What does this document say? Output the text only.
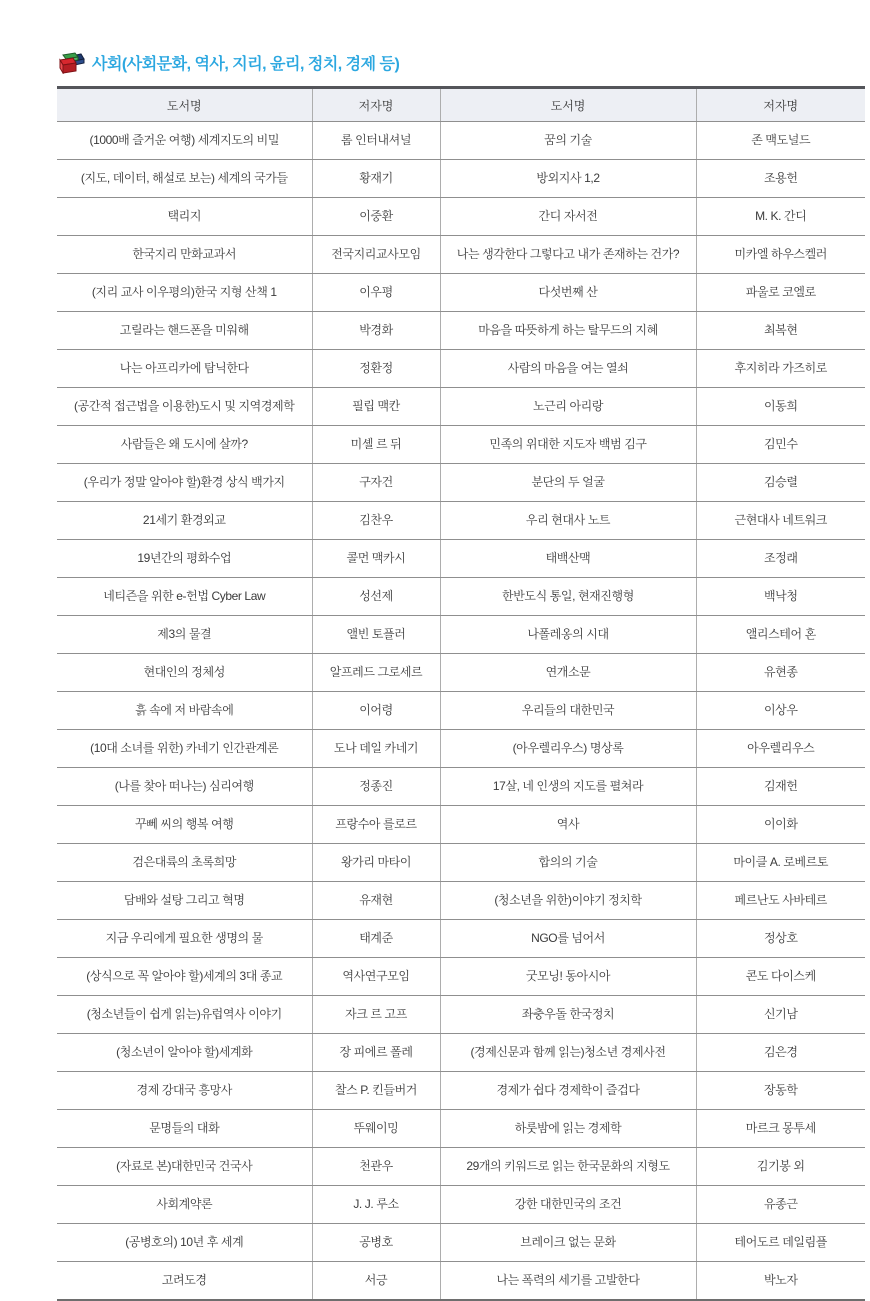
사회(사회문화, 역사, 지리, 윤리, 정치, 경제 등)
도서명	저자명	도서명	저자명
(1000배 즐거운 여행) 세계지도의 비밀	롬 인터내셔널	꿈의 기술	존 맥도널드
(지도, 데이터, 해설로 보는) 세계의 국가들	황재기	방외지사 1,2	조용헌
택리지	이중환	간디 자서전	M. K. 간디
한국지리 만화교과서	전국지리교사모임	나는 생각한다 그렇다고 내가 존재하는 건가?	미카엘 하우스켈러
(지리 교사 이우평의)한국 지형 산책 1	이우평	다섯번째 산	파울로 코엘로
고릴라는 핸드폰을 미워해	박경화	마음을 따뜻하게 하는 탈무드의 지혜	최복현
나는 아프리카에 탐닉한다	정환정	사람의 마음을 여는 열쇠	후지히라 가즈히로
(공간적 접근법을 이용한)도시 및 지역경제학	필립 맥칸	노근리 아리랑	이동희
사람들은 왜 도시에 살까?	미셸 르 뒤	민족의 위대한 지도자 백범 김구	김민수
(우리가 정말 알아야 할)환경 상식 백가지	구자건	분단의 두 얼굴	김승렬
21세기 환경외교	김찬우	우리 현대사 노트	근현대사 네트워크
19년간의 평화수업	콜먼 맥카시	태백산맥	조정래
네티즌을 위한 e-헌법 Cyber Law	성선제	한반도식 통일, 현재진행형	백낙청
제3의 물결	앨빈 토플러	나폴레옹의 시대	앨리스테어 혼
현대인의 정체성	알프레드 그로세르	연개소문	유현종
흙 속에 저 바람속에	이어령	우리들의 대한민국	이상우
(10대 소녀를 위한) 카네기 인간관계론	도나 데일 카네기	(아우렐리우스) 명상록	아우렐리우스
(나를 찾아 떠나는) 심리여행	정종진	17살, 네 인생의 지도를 펼쳐라	김재헌
꾸뻬 씨의 행복 여행	프랑수아 를로르	역사	이이화
검은대륙의 초록희망	왕가리 마타이	합의의 기술	마이클 A. 로베르토
담배와 설탕 그리고 혁명	유재현	(청소년을 위한)이야기 정치학	페르난도 사바테르
지금 우리에게 필요한 생명의 물	태계준	NGO를 넘어서	정상호
(상식으로 꼭 알아야 할)세계의 3대 종교	역사연구모임	굿모닝! 동아시아	콘도 다이스케
(청소년들이 쉽게 읽는)유럽역사 이야기	자크 르 고프	좌충우돌 한국정치	신기남
(청소년이 알아야 할)세계화	장 피에르 폴레	(경제신문과 함께 읽는)청소년 경제사전	김은경
경제 강대국 흥망사	찰스 P. 킨들버거	경제가 쉽다 경제학이 즐겁다	장동학
문명들의 대화	뚜웨이밍	하룻밤에 읽는 경제학	마르크 몽투세
(자료로 본)대한민국 건국사	천관우	29개의 키워드로 읽는 한국문화의 지형도	김기봉 외
사회계약론	J. J. 루소	강한 대한민국의 조건	유종근
(공병호의) 10년 후 세계	공병호	브레이크 없는 문화	테어도르 데일림플
고려도경	서긍	나는 폭력의 세기를 고발한다	박노자
